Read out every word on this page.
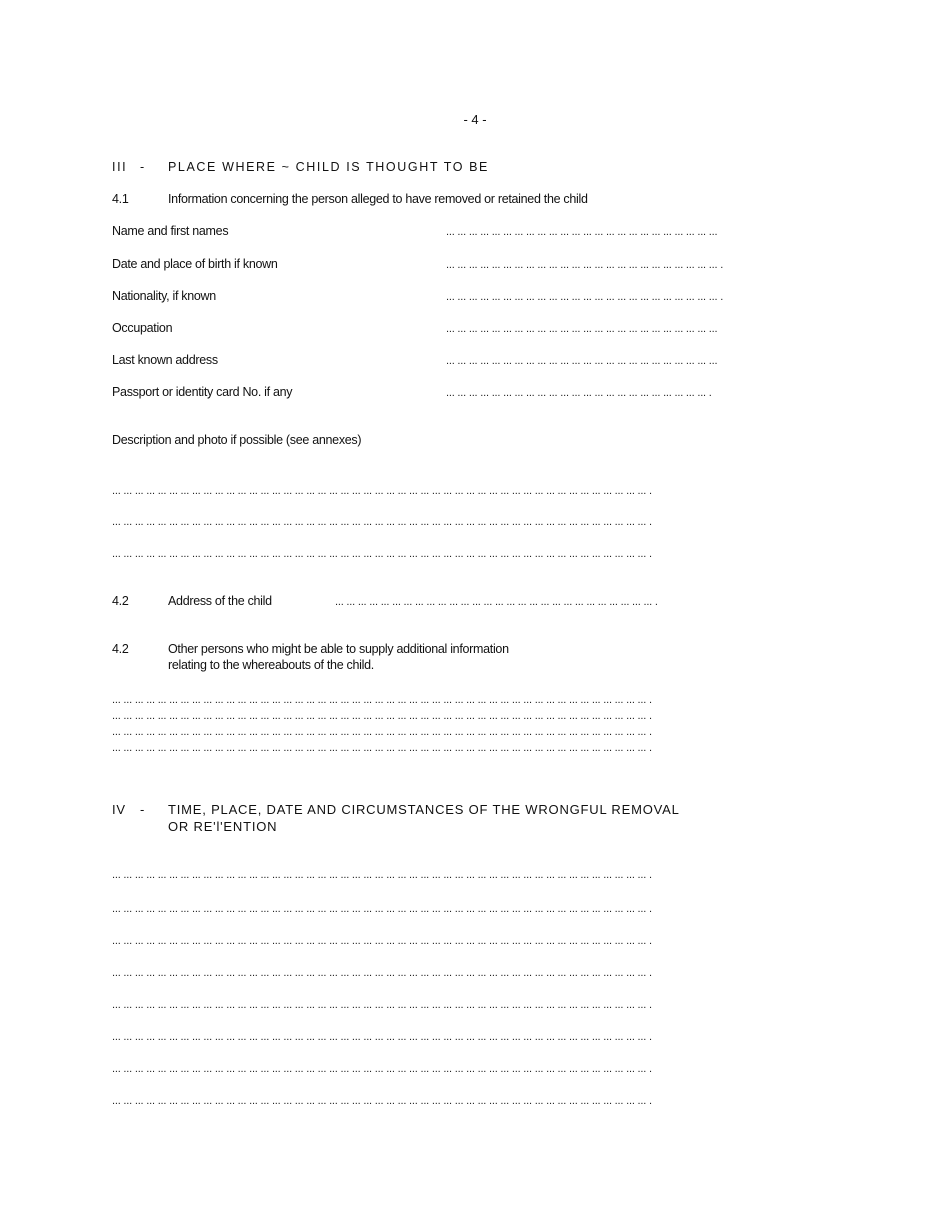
- 4 -
III - PLACE WHERE ~ CHILD IS THOUGHT TO BE
4.1	Information concerning the person alleged to have removed or retained the child
Name and first names	... ... ... ... ... ... ... ... ... ... ... ... ... ... ... ... ... ... ... ... ... ... ... ...
Date and place of birth if known	... ... ... ... ... ... ... ... ... ... ... ... ... ... ... ... ... ... ... ... ... ... ... ... .
Nationality, if known	... ... ... ... ... ... ... ... ... ... ... ... ... ... ... ... ... ... ... ... ... ... ... ... .
Occupation	... ... ... ... ... ... ... ... ... ... ... ... ... ... ... ... ... ... ... ... ... ... ... ...
Last known address	... ... ... ... ... ... ... ... ... ... ... ... ... ... ... ... ... ... ... ... ... ... ... ...
Passport or identity card No. if any	... ... ... ... ... ... ... ... ... ... ... ... ... ... ... ... ... ... ... ... ... ... ... .
Description and photo if possible (see annexes)
... ... ... ... ... ... ... ... ... ... ... ... ... ... ... ... ... ... ... ... ... ... ... ... ... ... ... ... ... ... ... ... ... ... ... ... ... ... ... ... ... ... ... ... ... ... ... .
... ... ... ... ... ... ... ... ... ... ... ... ... ... ... ... ... ... ... ... ... ... ... ... ... ... ... ... ... ... ... ... ... ... ... ... ... ... ... ... ... ... ... ... ... ... ... .
... ... ... ... ... ... ... ... ... ... ... ... ... ... ... ... ... ... ... ... ... ... ... ... ... ... ... ... ... ... ... ... ... ... ... ... ... ... ... ... ... ... ... ... ... ... ... .
4.2	Address of the child	... ... ... ... ... ... ... ... ... ... ... ... ... ... ... ... ... ... ... ... ... ... ... ... ... ... ... ... .
4.2	Other persons who might be able to supply additional information
relating to the whereabouts of the child.
... ... ... ... ... ... ... ... ... ... ... ... ... ... ... ... ... ... ... ... ... ... ... ... ... ... ... ... ... ... ... ... ... ... ... ... ... ... ... ... ... ... ... ... ... ... ... .
... ... ... ... ... ... ... ... ... ... ... ... ... ... ... ... ... ... ... ... ... ... ... ... ... ... ... ... ... ... ... ... ... ... ... ... ... ... ... ... ... ... ... ... ... ... ... .
... ... ... ... ... ... ... ... ... ... ... ... ... ... ... ... ... ... ... ... ... ... ... ... ... ... ... ... ... ... ... ... ... ... ... ... ... ... ... ... ... ... ... ... ... ... ... .
... ... ... ... ... ... ... ... ... ... ... ... ... ... ... ... ... ... ... ... ... ... ... ... ... ... ... ... ... ... ... ... ... ... ... ... ... ... ... ... ... ... ... ... ... ... ... .
IV - TIME, PLACE, DATE AND CIRCUMSTANCES OF THE WRONGFUL REMOVAL
OR RE'l'ENTION
... ... ... ... ... ... ... ... ... ... ... ... ... ... ... ... ... ... ... ... ... ... ... ... ... ... ... ... ... ... ... ... ... ... ... ... ... ... ... ... ... ... ... ... ... ... ... .
... ... ... ... ... ... ... ... ... ... ... ... ... ... ... ... ... ... ... ... ... ... ... ... ... ... ... ... ... ... ... ... ... ... ... ... ... ... ... ... ... ... ... ... ... ... ... .
... ... ... ... ... ... ... ... ... ... ... ... ... ... ... ... ... ... ... ... ... ... ... ... ... ... ... ... ... ... ... ... ... ... ... ... ... ... ... ... ... ... ... ... ... ... ... .
... ... ... ... ... ... ... ... ... ... ... ... ... ... ... ... ... ... ... ... ... ... ... ... ... ... ... ... ... ... ... ... ... ... ... ... ... ... ... ... ... ... ... ... ... ... ... .
... ... ... ... ... ... ... ... ... ... ... ... ... ... ... ... ... ... ... ... ... ... ... ... ... ... ... ... ... ... ... ... ... ... ... ... ... ... ... ... ... ... ... ... ... ... ... .
... ... ... ... ... ... ... ... ... ... ... ... ... ... ... ... ... ... ... ... ... ... ... ... ... ... ... ... ... ... ... ... ... ... ... ... ... ... ... ... ... ... ... ... ... ... ... .
... ... ... ... ... ... ... ... ... ... ... ... ... ... ... ... ... ... ... ... ... ... ... ... ... ... ... ... ... ... ... ... ... ... ... ... ... ... ... ... ... ... ... ... ... ... ... .
... ... ... ... ... ... ... ... ... ... ... ... ... ... ... ... ... ... ... ... ... ... ... ... ... ... ... ... ... ... ... ... ... ... ... ... ... ... ... ... ... ... ... ... ... ... ... .
